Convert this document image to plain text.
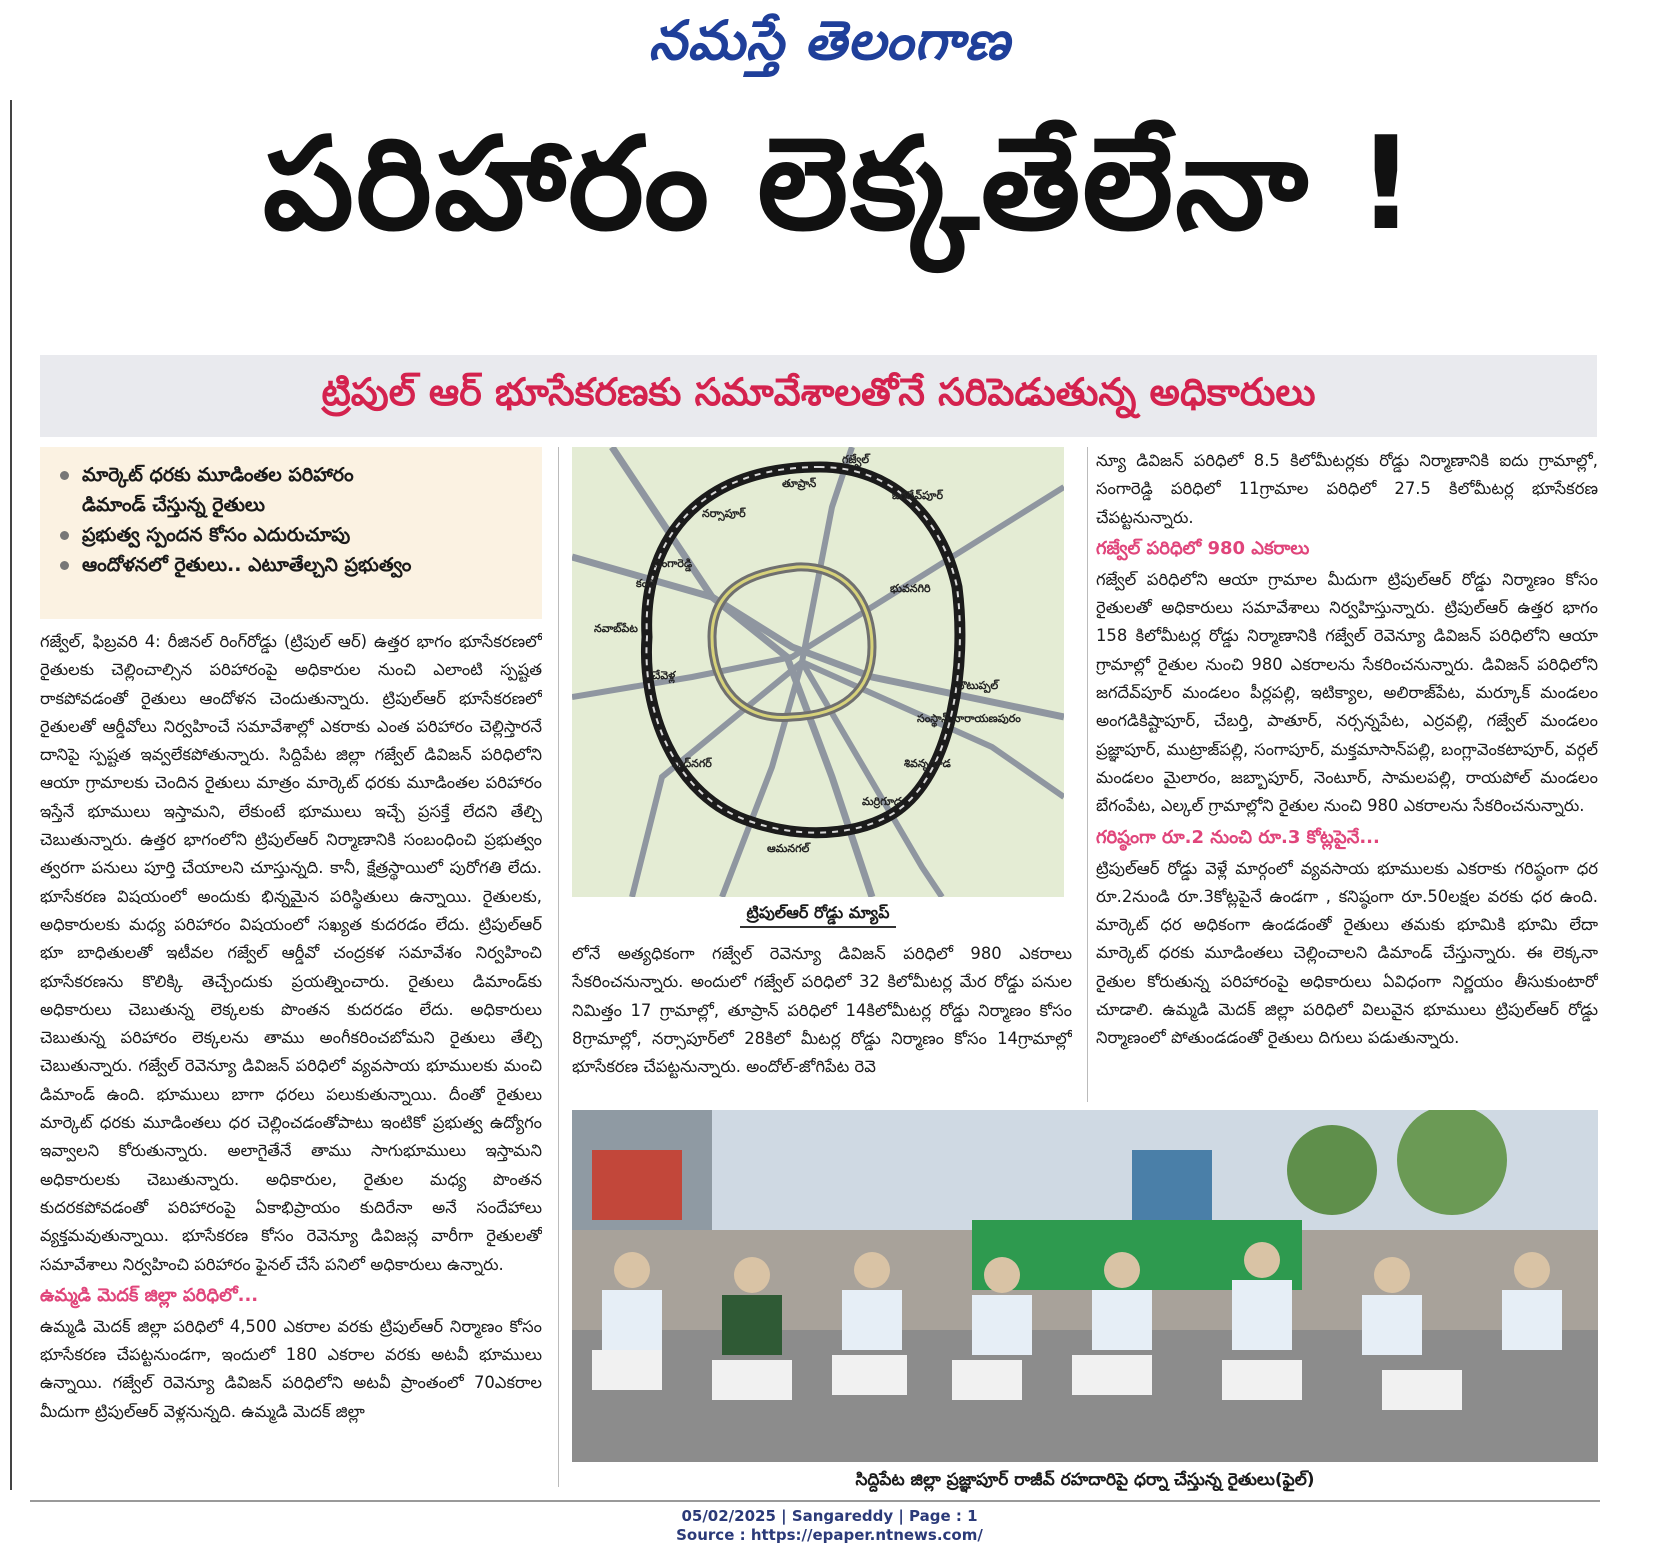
నమస్తే తెలంగాణ
పరిహారం లెక్కతేలేనా !
ట్రిపుల్ ఆర్ భూసేకరణకు సమావేశాలతోనే సరిపెడుతున్న అధికారులు
మార్కెట్ ధరకు మూడింతల పరిహారం
డిమాండ్ చేస్తున్న రైతులు
ప్రభుత్వ స్పందన కోసం ఎదురుచూపు
ఆందోళనలో రైతులు.. ఎటూతేల్చని ప్రభుత్వం

గజ్వేల్, ఫిబ్రవరి 4: రీజినల్ రింగ్‌రోడ్డు (ట్రిపుల్ ఆర్) ఉత్తర భాగం భూసేకరణలో రైతులకు చెల్లించాల్సిన పరిహారంపై అధికారుల నుంచి ఎలాంటి స్పష్టత రాకపోవడంతో రైతులు ఆందోళన చెందుతున్నారు. ట్రిపుల్‌ఆర్ భూసేకరణలో రైతులతో ఆర్డీవోలు నిర్వహించే సమావేశాల్లో ఎకరాకు ఎంత పరిహారం చెల్లిస్తారనే దానిపై స్పష్టత ఇవ్వలేకపోతున్నారు. సిద్దిపేట జిల్లా గజ్వేల్ డివిజన్ పరిధిలోని ఆయా గ్రామాలకు చెందిన రైతులు మాత్రం మార్కెట్ ధరకు మూడింతల పరిహారం ఇస్తేనే భూములు ఇస్తామని, లేకుంటే భూములు ఇచ్చే ప్రసక్తే లేదని తేల్చి చెబుతున్నారు. ఉత్తర భాగంలోని ట్రిపుల్‌ఆర్ నిర్మాణానికి సంబంధించి ప్రభుత్వం త్వరగా పనులు పూర్తి చేయాలని చూస్తున్నది. కానీ, క్షేత్రస్థాయిలో పురోగతి లేదు. భూసేకరణ విషయంలో అందుకు భిన్నమైన పరిస్థితులు ఉన్నాయి. రైతులకు, అధికారులకు మధ్య పరిహారం విషయంలో సఖ్యత కుదరడం లేదు. ట్రిపుల్‌ఆర్ భూ బాధితులతో ఇటీవల గజ్వేల్ ఆర్డీవో చంద్రకళ సమావేశం నిర్వహించి భూసేకరణను కొలిక్కి తెచ్చేందుకు ప్రయత్నించారు. రైతులు డిమాండ్‌కు అధికారులు చెబుతున్న లెక్కలకు పొంతన కుదరడం లేదు. అధికారులు చెబుతున్న పరిహారం లెక్కలను తాము అంగీకరించబోమని రైతులు తేల్చి చెబుతున్నారు. గజ్వేల్ రెవెన్యూ డివిజన్ పరిధిలో వ్యవసాయ భూములకు మంచి డిమాండ్ ఉంది. భూములు బాగా ధరలు పలుకుతున్నాయి. దీంతో రైతులు మార్కెట్ ధరకు మూడింతలు ధర చెల్లించడంతోపాటు ఇంటికో ప్రభుత్వ ఉద్యోగం ఇవ్వాలని కోరుతున్నారు. అలాగైతేనే తాము సాగుభూములు ఇస్తామని అధికారులకు చెబుతున్నారు. అధికారుల, రైతుల మధ్య పొంతన కుదరకపోవడంతో పరిహారంపై ఏకాభిప్రాయం కుదిరేనా అనే సందేహాలు వ్యక్తమవుతున్నాయి. భూసేకరణ కోసం రెవెన్యూ డివిజన్ల వారీగా రైతులతో సమావేశాలు నిర్వహించి పరిహారం ఫైనల్ చేసే పనిలో అధికారులు ఉన్నారు.

ఉమ్మడి మెదక్ జిల్లా పరిధిలో...

ఉమ్మడి మెదక్ జిల్లా పరిధిలో 4,500 ఎకరాల వరకు ట్రిపుల్‌ఆర్ నిర్మాణం కోసం భూసేకరణ చేపట్టనుండగా, ఇందులో 180 ఎకరాల వరకు అటవీ భూములు ఉన్నాయి. గజ్వేల్ రెవెన్యూ డివిజన్ పరిధిలోని అటవీ ప్రాంతంలో 70ఎకరాల మీదుగా ట్రిపుల్‌ఆర్ వెళ్లనున్నది. ఉమ్మడి మెదక్ జిల్లా

గజ్వేల్
తూప్రాన్
జగదేవ్‌పూర్
నర్సాపూర్
సంగారెడ్డి
కంది	భువనగిరి
నవాబ్‌పేట
చేవెళ్ల
చౌటుప్పల్
సంస్థాన్ నారాయణపురం
షాద్‌నగర్	శివన్నగూడ
మర్రిగూడ
ఆమనగల్
ట్రిపుల్‌ఆర్ రోడ్డు మ్యాప్

లోనే అత్యధికంగా గజ్వేల్ రెవెన్యూ డివిజన్ పరిధిలో 980 ఎకరాలు సేకరించనున్నారు. అందులో గజ్వేల్ పరిధిలో 32 కిలోమీటర్ల మేర రోడ్డు పనుల నిమిత్తం 17 గ్రామాల్లో, తూప్రాన్ పరిధిలో 14కిలోమీటర్ల రోడ్డు నిర్మాణం కోసం 8గ్రామాల్లో, నర్సాపూర్‌లో 28కిలో మీటర్ల రోడ్డు నిర్మాణం కోసం 14గ్రామాల్లో భూసేకరణ చేపట్టనున్నారు. అందోల్-జోగిపేట రెవె

న్యూ డివిజన్ పరిధిలో 8.5 కిలోమీటర్లకు రోడ్డు నిర్మాణానికి ఐదు గ్రామాల్లో, సంగారెడ్డి పరిధిలో 11గ్రామాల పరిధిలో 27.5 కిలోమీటర్ల భూసేకరణ చేపట్టనున్నారు.

గజ్వేల్ పరిధిలో 980 ఎకరాలు

గజ్వేల్ పరిధిలోని ఆయా గ్రామాల మీదుగా ట్రిపుల్‌ఆర్ రోడ్డు నిర్మాణం కోసం రైతులతో అధికారులు సమావేశాలు నిర్వహిస్తున్నారు. ట్రిపుల్‌ఆర్ ఉత్తర భాగం 158 కిలోమీటర్ల రోడ్డు నిర్మాణానికి గజ్వేల్ రెవెన్యూ డివిజన్ పరిధిలోని ఆయా గ్రామాల్లో రైతుల నుంచి 980 ఎకరాలను సేకరించనున్నారు. డివిజన్ పరిధిలోని జగదేవ్‌పూర్ మండలం పీర్లపల్లి, ఇటిక్యాల, అలిరాజ్‌పేట, మర్కూక్ మండలం అంగడికిష్టాపూర్, చేబర్తి, పాతూర్, నర్సన్నపేట, ఎర్రవల్లి, గజ్వేల్ మండలం ప్రజ్ఞాపూర్, ముట్రాజ్‌పల్లి, సంగాపూర్, మక్తమాసాన్‌పల్లి, బంగ్లావెంకటాపూర్, వర్గల్ మండలం మైలారం, జబ్బాపూర్, నెంటూర్, సామలపల్లి, రాయపోల్ మండలం బేగంపేట, ఎల్కల్ గ్రామాల్లోని రైతుల నుంచి 980 ఎకరాలను సేకరించనున్నారు.

గరిష్ఠంగా రూ.2 నుంచి రూ.3 కోట్లపైనే...

ట్రిపుల్‌ఆర్ రోడ్డు వెళ్లే మార్గంలో వ్యవసాయ భూములకు ఎకరాకు గరిష్ఠంగా ధర రూ.2నుండి రూ.3కోట్లపైనే ఉండగా , కనిష్ఠంగా రూ.50లక్షల వరకు ధర ఉంది. మార్కెట్ ధర అధికంగా ఉండడంతో రైతులు తమకు భూమికి భూమి లేదా మార్కెట్ ధరకు మూడింతలు చెల్లించాలని డిమాండ్ చేస్తున్నారు. ఈ లెక్కనా రైతుల కోరుతున్న పరిహారంపై అధికారులు ఏవిధంగా నిర్ణయం తీసుకుంటారో చూడాలి. ఉమ్మడి మెదక్ జిల్లా పరిధిలో విలువైన భూములు ట్రిపుల్‌ఆర్ రోడ్డు నిర్మాణంలో పోతుండడంతో రైతులు దిగులు పడుతున్నారు.

సిద్దిపేట జిల్లా ప్రజ్ఞాపూర్ రాజీవ్ రహదారిపై ధర్నా చేస్తున్న రైతులు(ఫైల్)
05/02/2025 | Sangareddy | Page : 1
Source : https://epaper.ntnews.com/
